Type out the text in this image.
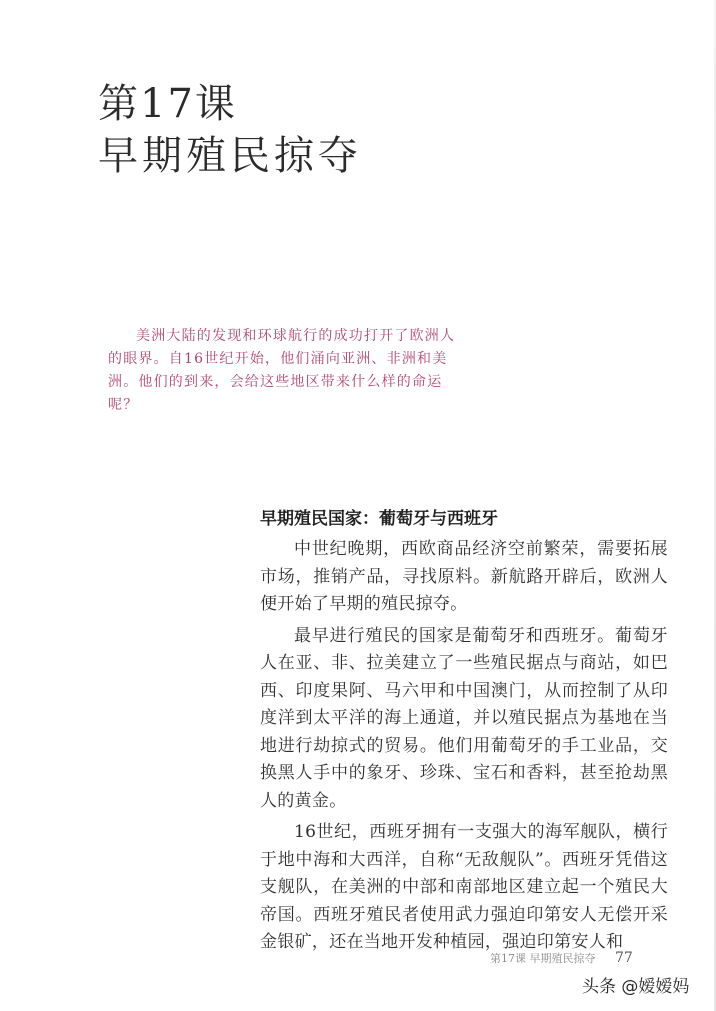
第17课
早期殖民掠夺

美洲大陆的发现和环球航行的成功打开了欧洲人的眼界。自16世纪开始，他们涌向亚洲、非洲和美洲。他们的到来，会给这些地区带来什么样的命运呢？

早期殖民国家：葡萄牙与西班牙

中世纪晚期，西欧商品经济空前繁荣，需要拓展市场，推销产品，寻找原料。新航路开辟后，欧洲人便开始了早期的殖民掠夺。

最早进行殖民的国家是葡萄牙和西班牙。葡萄牙人在亚、非、拉美建立了一些殖民据点与商站，如巴西、印度果阿、马六甲和中国澳门，从而控制了从印度洋到太平洋的海上通道，并以殖民据点为基地在当地进行劫掠式的贸易。他们用葡萄牙的手工业品，交换黑人手中的象牙、珍珠、宝石和香料，甚至抢劫黑人的黄金。

16世纪，西班牙拥有一支强大的海军舰队，横行于地中海和大西洋，自称“无敌舰队”。西班牙凭借这支舰队，在美洲的中部和南部地区建立起一个殖民大帝国。西班牙殖民者使用武力强迫印第安人无偿开采金银矿，还在当地开发种植园，强迫印第安人和

第17课 早期殖民掠夺 77
头条 @嫒嫒妈
